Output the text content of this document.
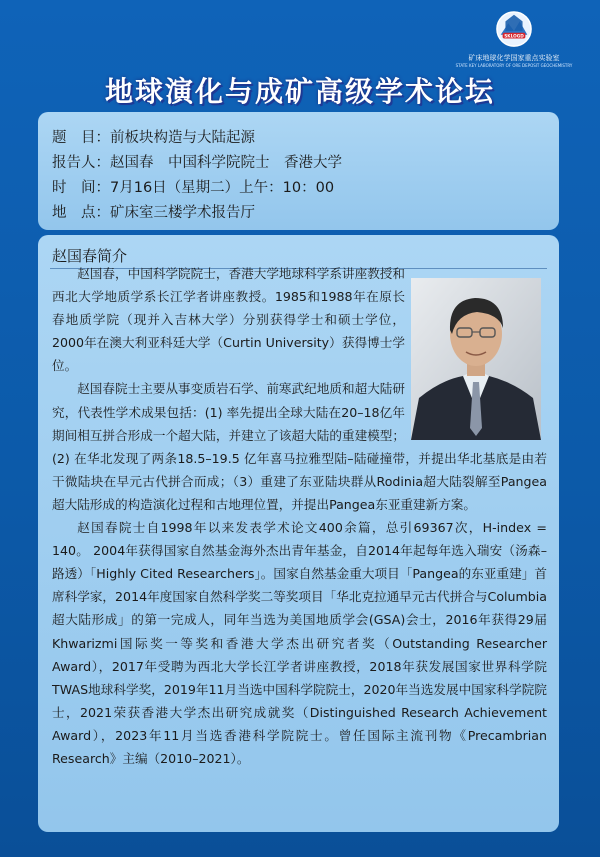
SKLOGD
矿床地球化学国家重点实验室
STATE KEY LABORATORY OF ORE DEPOSIT GEOCHEMISTRY
地球演化与成矿高级学术论坛
题　目：前板块构造与大陆起源
报告人：赵国春　中国科学院院士　香港大学
时　间：7月16日（星期二）上午：10：00
地　点：矿床室三楼学术报告厅
赵国春简介

赵国春，中国科学院院士，香港大学地球科学系讲座教授和西北大学地质学系长江学者讲座教授。1985和1988年在原长春地质学院（现并入吉林大学）分别获得学士和硕士学位，2000年在澳大利亚科廷大学（Curtin University）获得博士学位。

赵国春院士主要从事变质岩石学、前寒武纪地质和超大陆研究，代表性学术成果包括：(1) 率先提出全球大陆在20–18亿年期间相互拼合形成一个超大陆，并建立了该超大陆的重建模型；(2) 在华北发现了两条18.5–19.5 亿年喜马拉雅型陆–陆碰撞带，并提出华北基底是由若干微陆块在早元古代拼合而成；（3）重建了东亚陆块群从Rodinia超大陆裂解至Pangea超大陆形成的构造演化过程和古地理位置，并提出Pangea东亚重建新方案。

赵国春院士自1998年以来发表学术论文400余篇，总引69367次，H-index = 140。 2004年获得国家自然基金海外杰出青年基金，自2014年起每年选入瑞安（汤森–路透）「Highly Cited Researchers」。国家自然基金重大项目「Pangea的东亚重建」首席科学家，2014年度国家自然科学奖二等奖项目「华北克拉通早元古代拼合与Columbia超大陆形成」的第一完成人，同年当选为美国地质学会(GSA)会士，2016年获得29届Khwarizmi国际奖一等奖和香港大学杰出研究者奖（Outstanding Researcher Award），2017年受聘为西北大学长江学者讲座教授，2018年获发展国家世界科学院TWAS地球科学奖，2019年11月当选中国科学院院士，2020年当选发展中国家科学院院士，2021荣获香港大学杰出研究成就奖（Distinguished Research Achievement Award），2023年11月当选香港科学院院士。曾任国际主流刊物《Precambrian Research》主编（2010–2021）。
